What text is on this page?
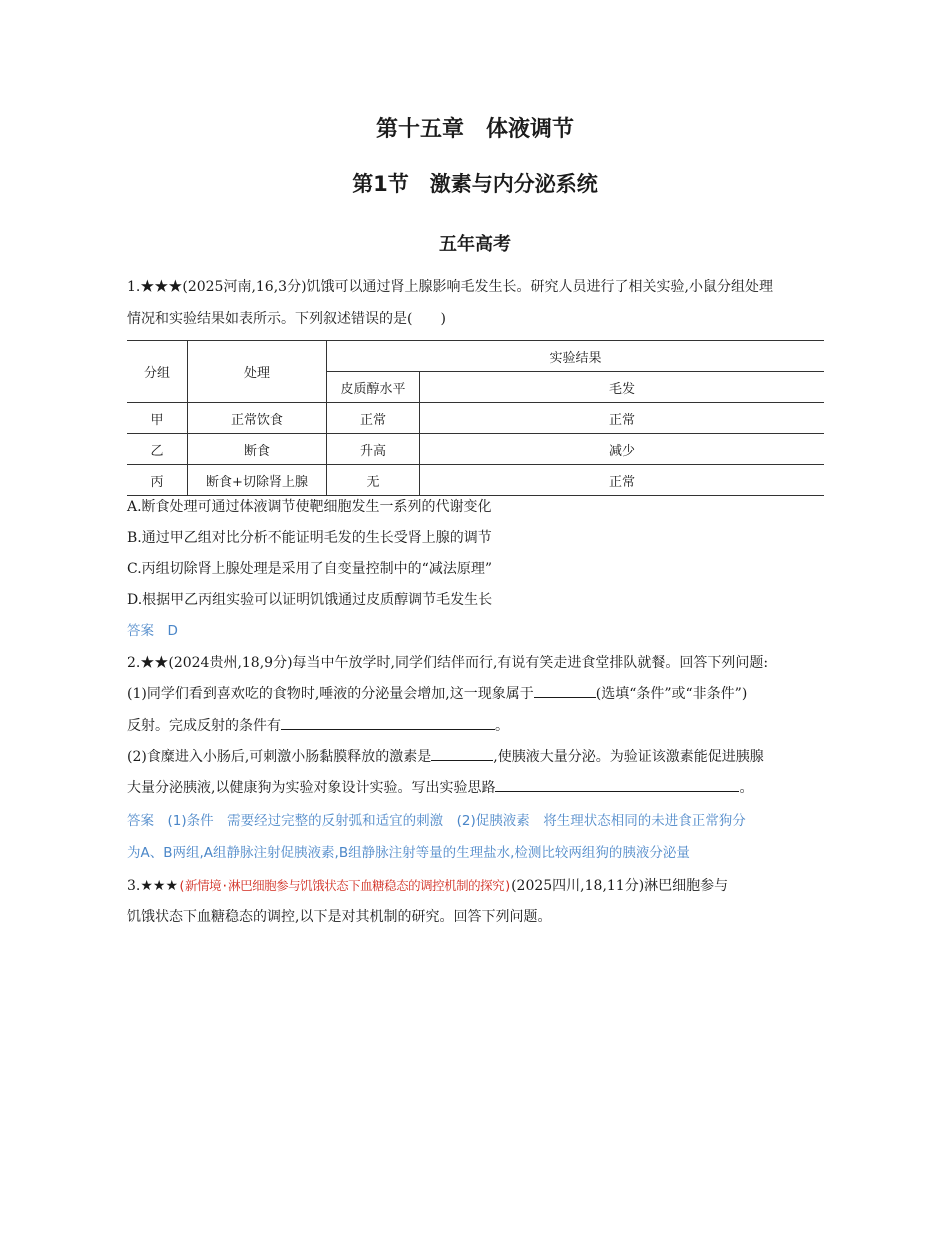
第十五章　体液调节
第1节　激素与内分泌系统
五年高考
1.★★★(2025河南,16,3分)饥饿可以通过肾上腺影响毛发生长。研究人员进行了相关实验,小鼠分组处理
情况和实验结果如表所示。下列叙述错误的是(　　)
分组	处理	实验结果	
		皮质醇水平	毛发
甲	正常饮食	正常	正常
乙	断食	升高	减少
丙	断食+切除肾上腺	无	正常
A.断食处理可通过体液调节使靶细胞发生一系列的代谢变化
B.通过甲乙组对比分析不能证明毛发的生长受肾上腺的调节
C.丙组切除肾上腺处理是采用了自变量控制中的“减法原理”
D.根据甲乙丙组实验可以证明饥饿通过皮质醇调节毛发生长
答案　D
2.★★(2024贵州,18,9分)每当中午放学时,同学们结伴而行,有说有笑走进食堂排队就餐。回答下列问题:
(1)同学们看到喜欢吃的食物时,唾液的分泌量会增加,这一现象属于	(选填“条件”或“非条件”)
反射。完成反射的条件有	。
(2)食糜进入小肠后,可刺激小肠黏膜释放的激素是	,使胰液大量分泌。为验证该激素能促进胰腺
大量分泌胰液,以健康狗为实验对象设计实验。写出实验思路	。
答案　(1)条件　需要经过完整的反射弧和适宜的刺激　(2)促胰液素　将生理状态相同的未进食正常狗分
为A、B两组,A组静脉注射促胰液素,B组静脉注射等量的生理盐水,检测比较两组狗的胰液分泌量
3.★★★(新情境·淋巴细胞参与饥饿状态下血糖稳态的调控机制的探究)(2025四川,18,11分)淋巴细胞参与
饥饿状态下血糖稳态的调控,以下是对其机制的研究。回答下列问题。
